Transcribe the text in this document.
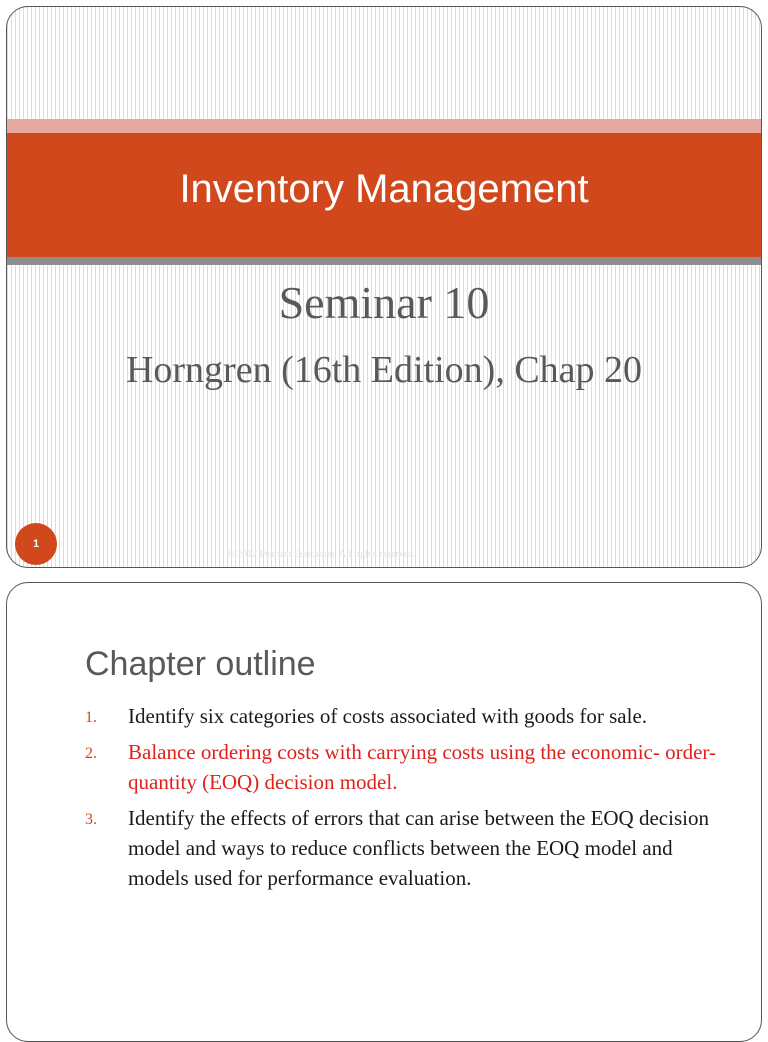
Inventory Management
Seminar 10
Horngren (16th Edition), Chap 20
1
© 2012 Pearson Education. All rights reserved.
Chapter outline
1. Identify six categories of costs associated with goods for sale.
2. Balance ordering costs with carrying costs using the economic- order-quantity (EOQ) decision model.
3. Identify the effects of errors that can arise between the EOQ decision model and ways to reduce conflicts between the EOQ model and models used for performance evaluation.
